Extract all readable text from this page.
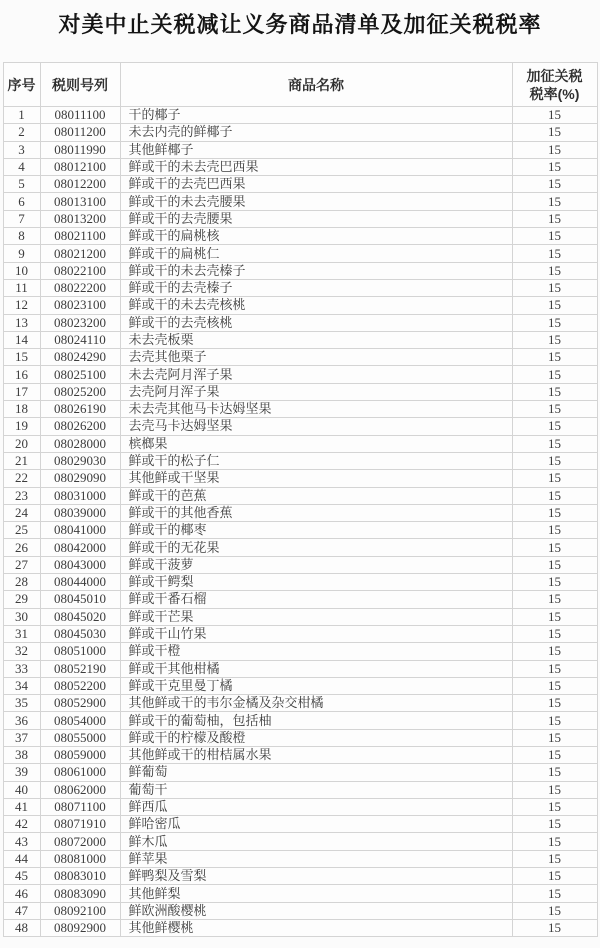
对美中止关税减让义务商品清单及加征关税税率
序号	税则号列	商品名称	加征关税
税率(%)

1	08011100	干的椰子	15
2	08011200	未去内壳的鲜椰子	15
3	08011990	其他鲜椰子	15
4	08012100	鲜或干的未去壳巴西果	15
5	08012200	鲜或干的去壳巴西果	15
6	08013100	鲜或干的未去壳腰果	15
7	08013200	鲜或干的去壳腰果	15
8	08021100	鲜或干的扁桃核	15
9	08021200	鲜或干的扁桃仁	15
10	08022100	鲜或干的未去壳榛子	15
11	08022200	鲜或干的去壳榛子	15
12	08023100	鲜或干的未去壳核桃	15
13	08023200	鲜或干的去壳核桃	15
14	08024110	未去壳板栗	15
15	08024290	去壳其他栗子	15
16	08025100	未去壳阿月浑子果	15
17	08025200	去壳阿月浑子果	15
18	08026190	未去壳其他马卡达姆坚果	15
19	08026200	去壳马卡达姆坚果	15
20	08028000	槟榔果	15
21	08029030	鲜或干的松子仁	15
22	08029090	其他鲜或干坚果	15
23	08031000	鲜或干的芭蕉	15
24	08039000	鲜或干的其他香蕉	15
25	08041000	鲜或干的椰枣	15
26	08042000	鲜或干的无花果	15
27	08043000	鲜或干菠萝	15
28	08044000	鲜或干鳄梨	15
29	08045010	鲜或干番石榴	15
30	08045020	鲜或干芒果	15
31	08045030	鲜或干山竹果	15
32	08051000	鲜或干橙	15
33	08052190	鲜或干其他柑橘	15
34	08052200	鲜或干克里曼丁橘	15
35	08052900	其他鲜或干的韦尔金橘及杂交柑橘	15
36	08054000	鲜或干的葡萄柚，包括柚	15
37	08055000	鲜或干的柠檬及酸橙	15
38	08059000	其他鲜或干的柑桔属水果	15
39	08061000	鲜葡萄	15
40	08062000	葡萄干	15
41	08071100	鲜西瓜	15
42	08071910	鲜哈密瓜	15
43	08072000	鲜木瓜	15
44	08081000	鲜苹果	15
45	08083010	鲜鸭梨及雪梨	15
46	08083090	其他鲜梨	15
47	08092100	鲜欧洲酸樱桃	15
48	08092900	其他鲜樱桃	15
